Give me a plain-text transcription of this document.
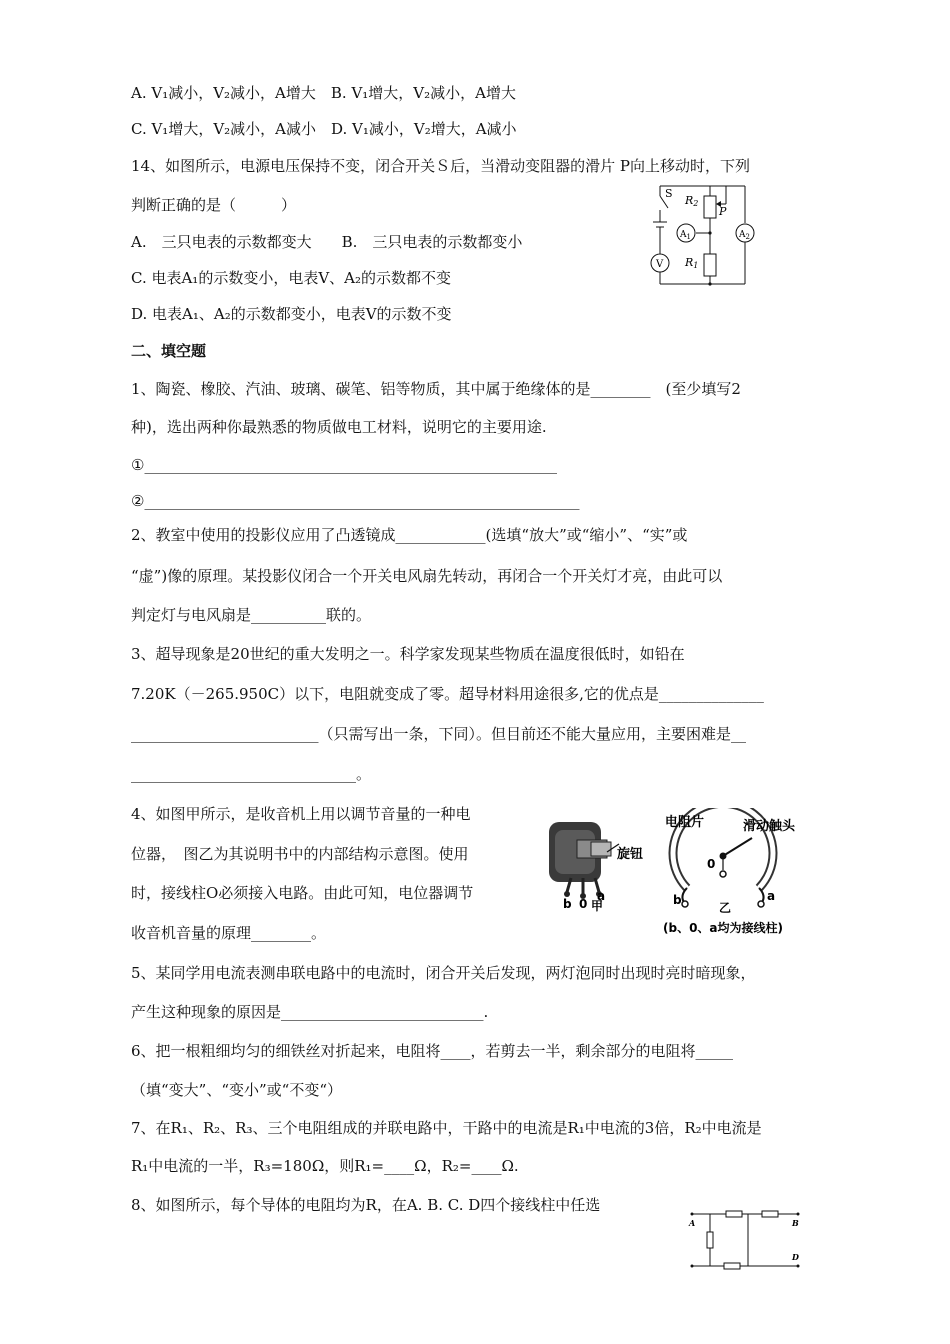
A. V₁减小，V₂减小，A增大　B. V₁增大，V₂减小，A增大
C. V₁增大，V₂减小，A减小　D. V₁减小，V₂增大，A减小
14、如图所示，电源电压保持不变，闭合开关Ｓ后，当滑动变阻器的滑片 P向上移动时，下列
判断正确的是（　　　）
A.　三只电表的示数都变大　　B.　三只电表的示数都变小
C. 电表A₁的示数变小，电表V、A₂的示数都不变
D. 电表A₁、A₂的示数都变小，电表V的示数不变
二、填空题
1、陶瓷、橡胶、汽油、玻璃、碳笔、铝等物质，其中属于绝缘体的是________　(至少填写2
种)，选出两种你最熟悉的物质做电工材料，说明它的主要用途.
①_______________________________________________________
②__________________________________________________________
2、教室中使用的投影仪应用了凸透镜成____________(选填“放大”或“缩小”、“实”或
“虚”)像的原理。某投影仪闭合一个开关电风扇先转动，再闭合一个开关灯才亮，由此可以
判定灯与电风扇是__________联的。
3、超导现象是20世纪的重大发明之一。科学家发现某些物质在温度很低时，如铅在
7.20K（－265.950C）以下，电阻就变成了零。超导材料用途很多,它的优点是______________
_________________________（只需写出一条，下同）。但目前还不能大量应用，主要困难是__
______________________________。
4、如图甲所示，是收音机上用以调节音量的一种电
位器，　图乙为其说明书中的内部结构示意图。使用
时，接线柱O必须接入电路。由此可知，电位器调节
收音机音量的原理________。
5、某同学用电流表测串联电路中的电流时，闭合开关后发现，两灯泡同时出现时亮时暗现象，
产生这种现象的原因是___________________________.
6、把一根粗细均匀的细铁丝对折起来，电阻将____，若剪去一半，剩余部分的电阻将_____
（填“变大”、“变小”或“不变“）
7、在R₁、R₂、R₃、三个电阻组成的并联电路中，干路中的电流是R₁中电流的3倍，R₂中电流是
R₁中电流的一半，R₃=180Ω，则R₁=____Ω，R₂=____Ω.
8、如图所示，每个导体的电阻均为R，在A. B. C. D四个接线柱中任选
S
R2
P
$A_1$
V
$A_2$
R1
旋钮
b 0
a
甲
电阻片	滑动触头
0
b	a
乙
(b、0、a均为接线柱)
A	B
D
